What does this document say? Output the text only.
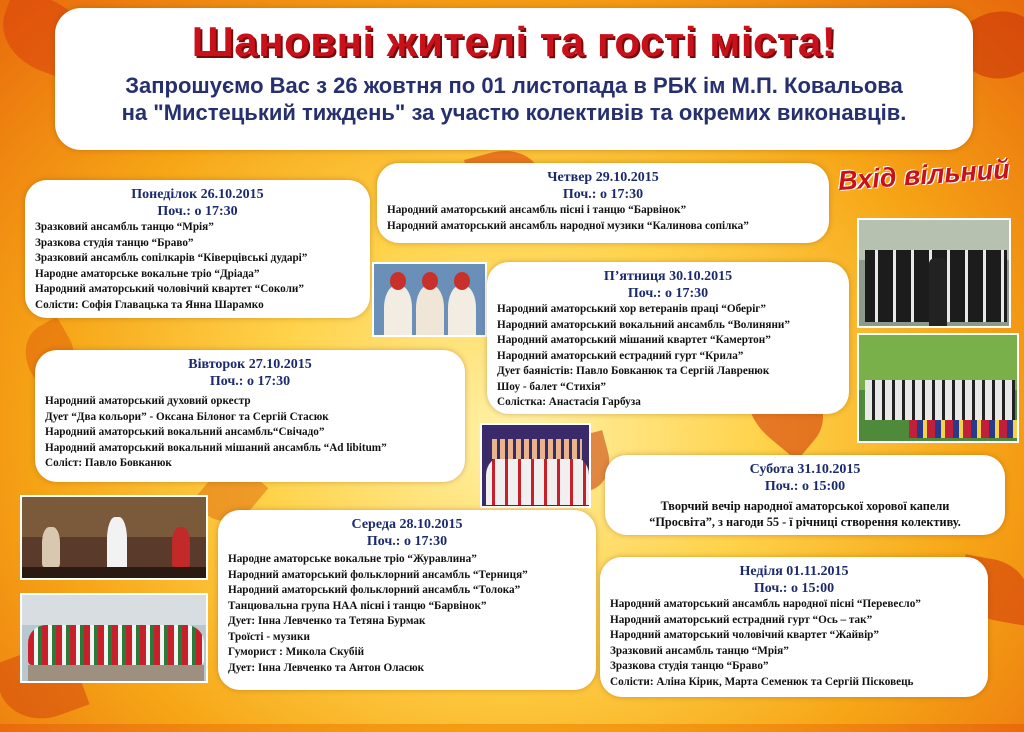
Шановні жителі та гості міста!
Запрошуємо Вас з 26 жовтня по 01 листопада в РБК ім М.П. Ковальова
на "Мистецький тиждень" за участю колективів та окремих виконавців.
Вхід вільний
Понеділок 26.10.2015
Поч.: о 17:30
Зразковий ансамбль танцю “Мрія”
Зразкова студія танцю “Браво”
Зразковий ансамбль сопілкарів “Ківерцівські дударі”
Народне аматорське вокальне тріо “Дріада”
Народний аматорський чоловічий квартет “Соколи”
Солісти: Софія Главацька та Янна Шарамко
Четвер 29.10.2015
Поч.: о 17:30
Народний аматорський ансамбль пісні і танцю “Барвінок”
Народний аматорський ансамбль народної музики “Калинова сопілка”
П’ятниця 30.10.2015
Поч.: о 17:30
Народний аматорський хор ветеранів праці “Оберіг”
Народний аматорський вокальний ансамбль “Волиняни”
Народний аматорський мішаний квартет “Камертон”
Народний аматорський естрадний гурт “Крила”
Дует баяністів: Павло Бовканюк та Сергій Лавренюк
Шоу - балет “Стихія”
Солістка: Анастасія Гарбуза
Вівторок 27.10.2015
Поч.: о 17:30
Народний аматорський духовий оркестр
Дует “Два кольори” - Оксана Білоног та Сергій Стасюк
Народний аматорський вокальний ансамбль“Свічадо”
Народний аматорський вокальний мішаний ансамбль “Ad libitum”
Соліст: Павло Бовканюк	Субота 31.10.2015
Поч.: о 15:00
Творчий вечір народної аматорської хорової капели
“Просвіта”, з нагоди 55 - ї річниці створення колективу.
Середа 28.10.2015
Поч.: о 17:30
Народне аматорське вокальне тріо “Журавлина”
Народний аматорський фольклорний ансамбль “Терниця”
Народний аматорський фольклорний ансамбль “Толока”
Танцювальна група НАА пісні і танцю “Барвінок”
Дует: Інна Левченко та Тетяна Бурмак
Троїсті - музики
Гуморист : Микола Скубій
Дует: Інна Левченко та Антон Оласюк
Неділя 01.11.2015
Поч.: о 15:00
Народний аматорський ансамбль народної пісні “Перевесло”
Народний аматорський естрадний гурт “Ось – так”
Народний аматорський чоловічий квартет “Жайвір”
Зразковий ансамбль танцю “Мрія”
Зразкова студія танцю “Браво”
Солісти: Аліна Кірик, Марта Семенюк та Сергій Пісковець
